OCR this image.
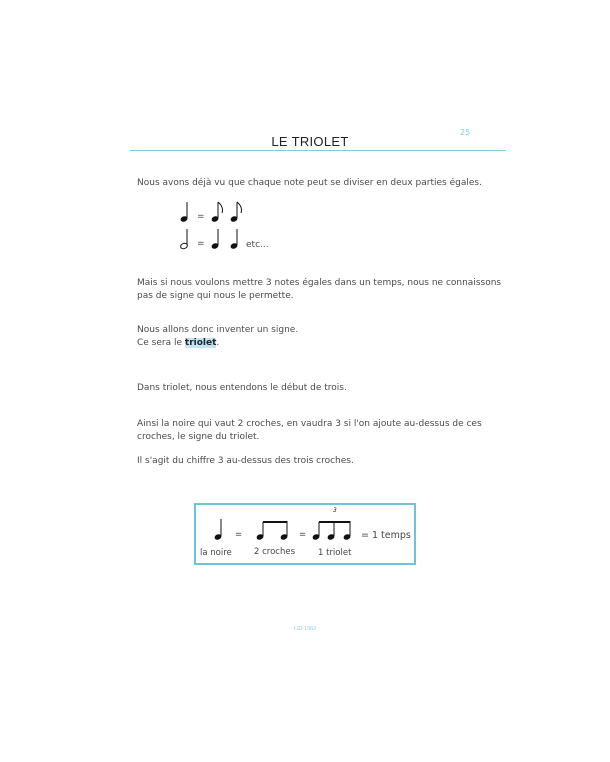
LE TRIOLET
25
Nous avons déjà vu que chaque note peut se diviser en deux parties égales.
=
=	etc...
Mais si nous voulons mettre 3 notes égales dans un temps, nous ne connaissons
pas de signe qui nous le permette.
Nous allons donc inventer un signe.
Ce sera le triolet.
Dans triolet, nous entendons le début de trois.
Ainsi la noire qui vaut 2 croches, en vaudra 3 si l'on ajoute au-dessus de ces
croches, le signe du triolet.
Il s'agit du chiffre 3 au-dessus des trois croches.
=	=
3
= 1 temps
la noire	2 croches	1 triolet
GD 1562
